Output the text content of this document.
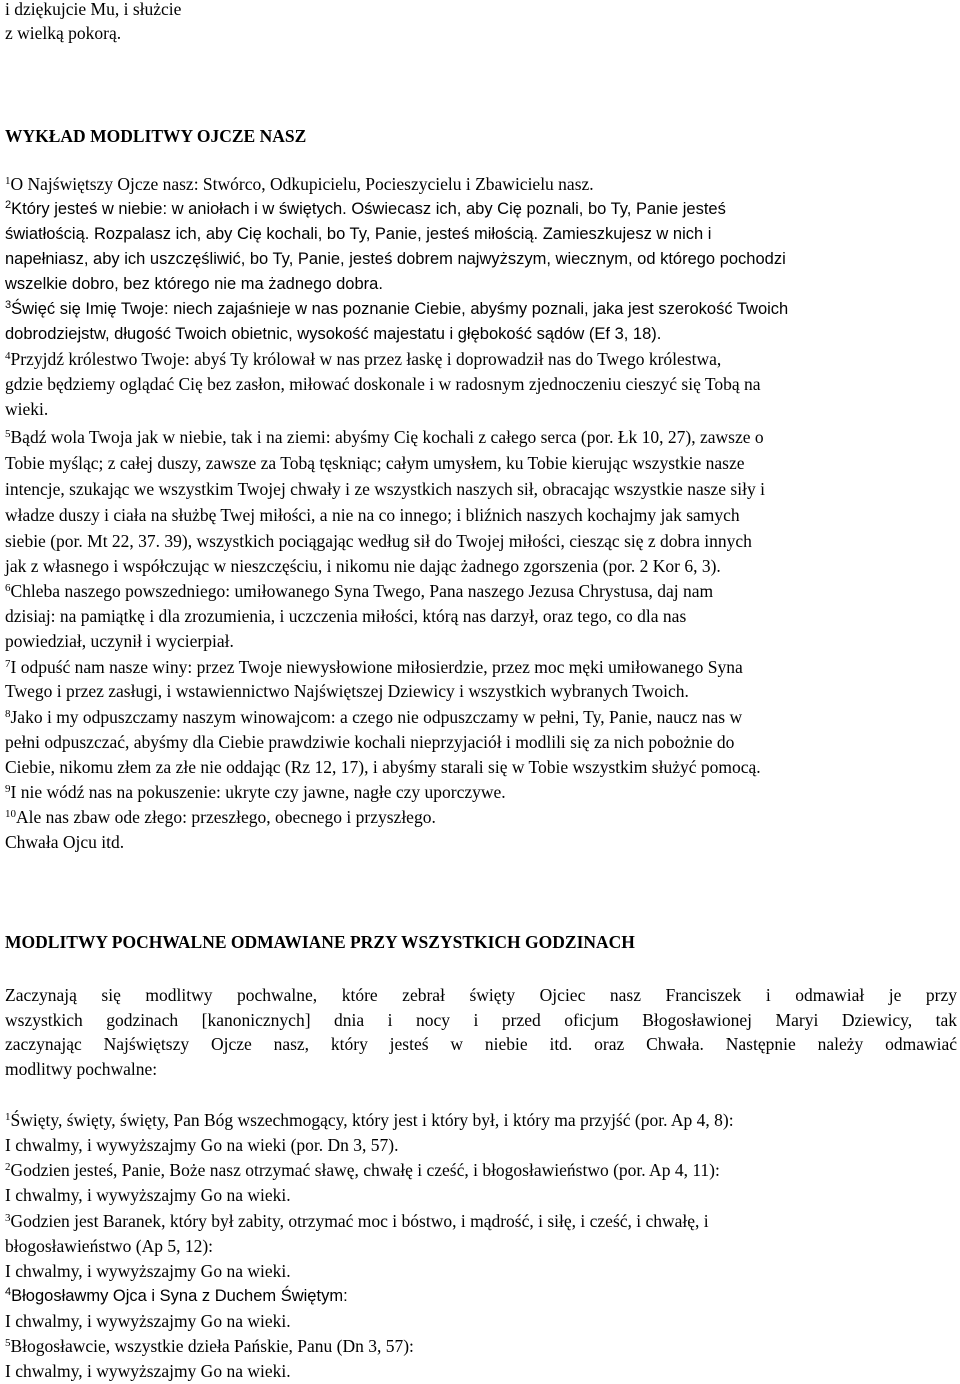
i dziękujcie Mu, i służcie
z wielką pokorą.
WYKŁAD MODLITWY OJCZE NASZ
$^1$O Najświętszy Ojcze nasz: Stwórco, Odkupicielu, Pocieszycielu i Zbawicielu nasz.
$^2$Który jesteś w niebie: w aniołach i w świętych. Oświecasz ich, aby Cię poznali, bo Ty, Panie jesteś
światłością. Rozpalasz ich, aby Cię kochali, bo Ty, Panie, jesteś miłością. Zamieszkujesz w nich i
napełniasz, aby ich uszczęśliwić, bo Ty, Panie, jesteś dobrem najwyższym, wiecznym, od którego pochodzi
wszelkie dobro, bez którego nie ma żadnego dobra.
$^3$Święć się Imię Twoje: niech zajaśnieje w nas poznanie Ciebie, abyśmy poznali, jaka jest szerokość Twoich
dobrodziejstw, długość Twoich obietnic, wysokość majestatu i głębokość sądów (Ef 3, 18).
$^4$Przyjdź królestwo Twoje: abyś Ty królował w nas przez łaskę i doprowadził nas do Twego królestwa,
gdzie będziemy oglądać Cię bez zasłon, miłować doskonale i w radosnym zjednoczeniu cieszyć się Tobą na
wieki.
$^5$Bądź wola Twoja jak w niebie, tak i na ziemi: abyśmy Cię kochali z całego serca (por. Łk 10, 27), zawsze o
Tobie myśląc; z całej duszy, zawsze za Tobą tęskniąc; całym umysłem, ku Tobie kierując wszystkie nasze
intencje, szukając we wszystkim Twojej chwały i ze wszystkich naszych sił, obracając wszystkie nasze siły i
władze duszy i ciała na służbę Twej miłości, a nie na co innego; i bliźnich naszych kochajmy jak samych
siebie (por. Mt 22, 37. 39), wszystkich pociągając według sił do Twojej miłości, ciesząc się z dobra innych
jak z własnego i współczując w nieszczęściu, i nikomu nie dając żadnego zgorszenia (por. 2 Kor 6, 3).
$^6$Chleba naszego powszedniego: umiłowanego Syna Twego, Pana naszego Jezusa Chrystusa, daj nam
dzisiaj: na pamiątkę i dla zrozumienia, i uczczenia miłości, którą nas darzył, oraz tego, co dla nas
powiedział, uczynił i wycierpiał.
$^7$I odpuść nam nasze winy: przez Twoje niewysłowione miłosierdzie, przez moc męki umiłowanego Syna
Twego i przez zasługi, i wstawiennictwo Najświętszej Dziewicy i wszystkich wybranych Twoich.
$^8$Jako i my odpuszczamy naszym winowajcom: a czego nie odpuszczamy w pełni, Ty, Panie, naucz nas w
pełni odpuszczać, abyśmy dla Ciebie prawdziwie kochali nieprzyjaciół i modlili się za nich pobożnie do
Ciebie, nikomu złem za złe nie oddając (Rz 12, 17), i abyśmy starali się w Tobie wszystkim służyć pomocą.
$^9$I nie wódź nas na pokuszenie: ukryte czy jawne, nagłe czy uporczywe.
$^{10}$Ale nas zbaw ode złego: przeszłego, obecnego i przyszłego.
Chwała Ojcu itd.
MODLITWY POCHWALNE ODMAWIANE PRZY WSZYSTKICH GODZINACH
Zaczynają się modlitwy pochwalne, które zebrał święty Ojciec nasz Franciszek i odmawiał je przy
wszystkich godzinach [kanonicznych] dnia i nocy i przed oficjum Błogosławionej Maryi Dziewicy, tak
zaczynając Najświętszy Ojcze nasz, który jesteś w niebie itd. oraz Chwała. Następnie należy odmawiać
modlitwy pochwalne:
$^1$Święty, święty, święty, Pan Bóg wszechmogący, który jest i który był, i który ma przyjść (por. Ap 4, 8):
I chwalmy, i wywyższajmy Go na wieki (por. Dn 3, 57).
$^2$Godzien jesteś, Panie, Boże nasz otrzymać sławę, chwałę i cześć, i błogosławieństwo (por. Ap 4, 11):
I chwalmy, i wywyższajmy Go na wieki.
$^3$Godzien jest Baranek, który był zabity, otrzymać moc i bóstwo, i mądrość, i siłę, i cześć, i chwałę, i
błogosławieństwo (Ap 5, 12):
I chwalmy, i wywyższajmy Go na wieki.
$^4$Błogosławmy Ojca i Syna z Duchem Świętym:
I chwalmy, i wywyższajmy Go na wieki.
$^5$Błogosławcie, wszystkie dzieła Pańskie, Panu (Dn 3, 57):
I chwalmy, i wywyższajmy Go na wieki.
